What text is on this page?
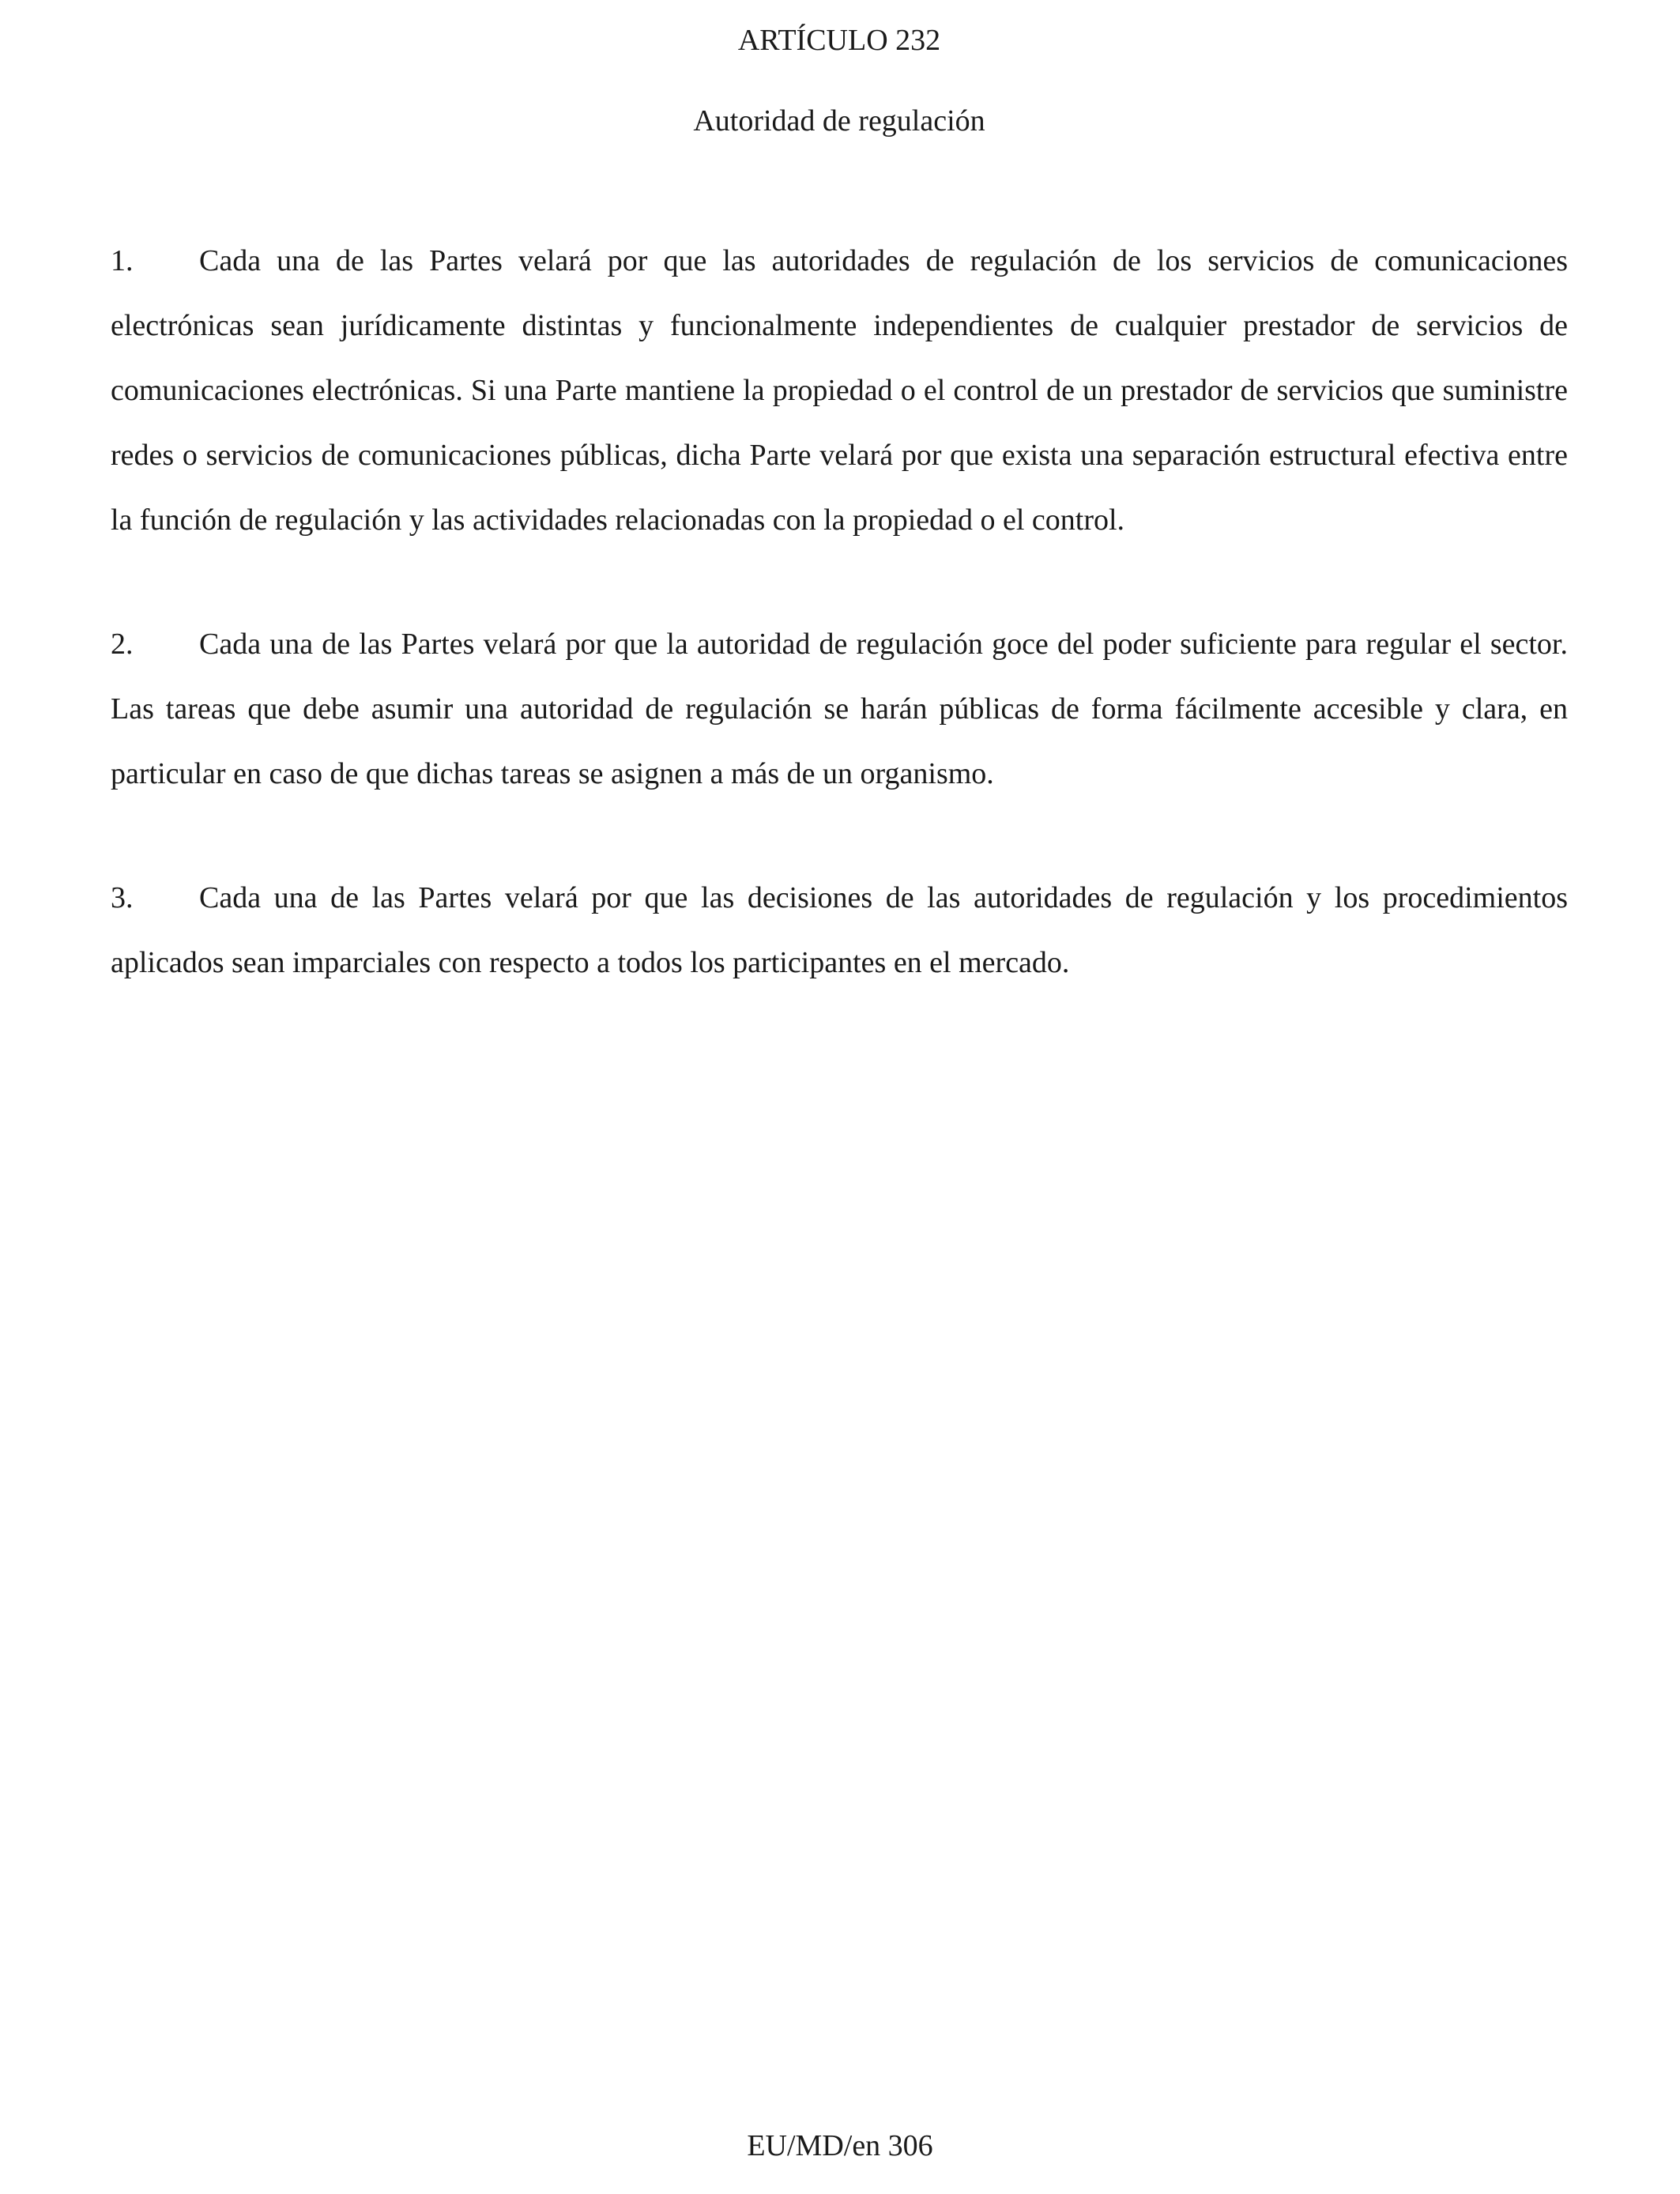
ARTÍCULO 232

Autoridad de regulación

1. Cada una de las Partes velará por que las autoridades de regulación de los servicios de comunicaciones electrónicas sean jurídicamente distintas y funcionalmente independientes de cualquier prestador de servicios de comunicaciones electrónicas. Si una Parte mantiene la propiedad o el control de un prestador de servicios que suministre redes o servicios de comunicaciones públicas, dicha Parte velará por que exista una separación estructural efectiva entre la función de regulación y las actividades relacionadas con la propiedad o el control.

2. Cada una de las Partes velará por que la autoridad de regulación goce del poder suficiente para regular el sector. Las tareas que debe asumir una autoridad de regulación se harán públicas de forma fácilmente accesible y clara, en particular en caso de que dichas tareas se asignen a más de un organismo.

3. Cada una de las Partes velará por que las decisiones de las autoridades de regulación y los procedimientos aplicados sean imparciales con respecto a todos los participantes en el mercado.

EU/MD/en 306
